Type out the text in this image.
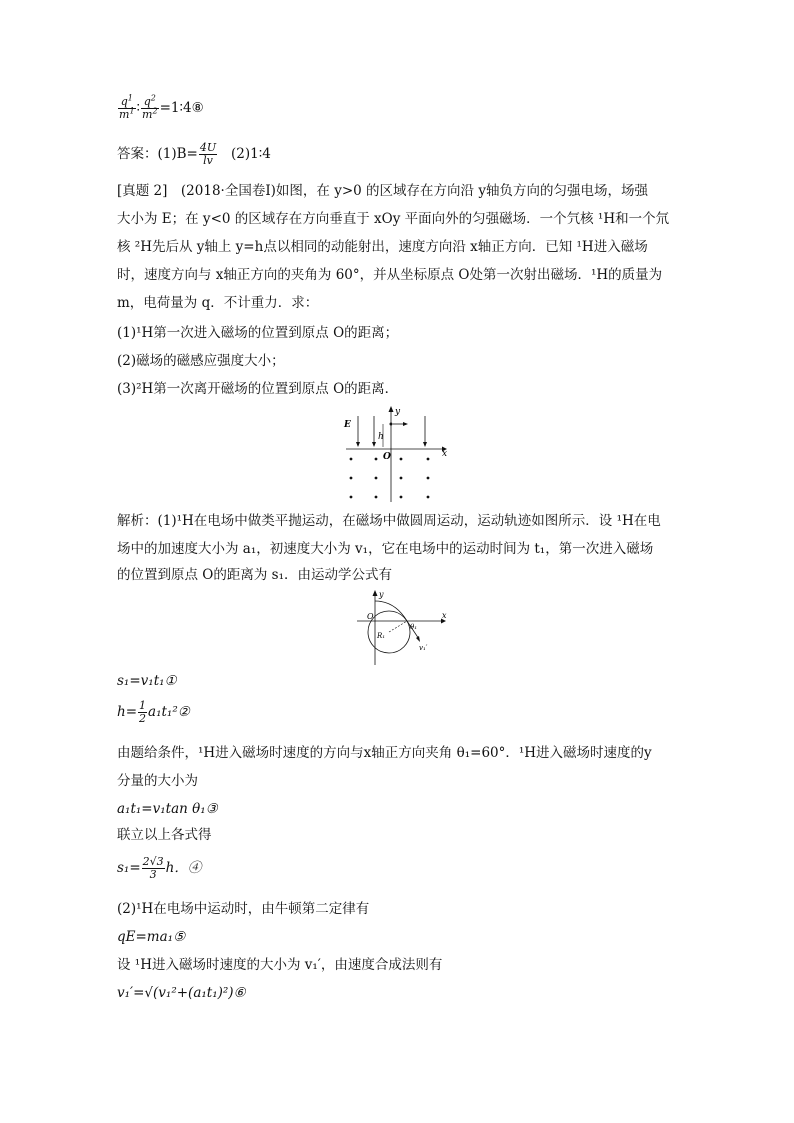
$\frac{q^1}{m^1}$ ∶ $\frac{q^2}{m^2}$ =1∶4⑧
答案：$(1)B= \frac{4U}{lv}$ (2)1∶4
[真题 2]　(2018·全国卷Ⅰ)如图，在 y>0 的区域存在方向沿 y轴负方向的匀强电场，场强
大小为 E；在 y<0 的区域存在方向垂直于 xOy 平面向外的匀强磁场．一个氕核 ¹H和一个氘
核 ²H先后从 y轴上 y=h点以相同的动能射出，速度方向沿 x轴正方向．已知 ¹H进入磁场
时，速度方向与 x轴正方向的夹角为 60°，并从坐标原点 O处第一次射出磁场．¹H的质量为
m，电荷量为 q．不计重力．求：
(1)¹H第一次进入磁场的位置到原点 O的距离；
(2)磁场的磁感应强度大小；
(3)²H第一次离开磁场的位置到原点 O的距离．
E
h
O	x
y
解析：(1)¹H在电场中做类平抛运动，在磁场中做圆周运动，运动轨迹如图所示．设 ¹H在电
场中的加速度大小为 a₁，初速度大小为 v₁，它在电场中的运动时间为 t₁，第一次进入磁场
的位置到原点 O的距离为 s₁．由运动学公式有
O	x
y
R₁
θ₁
v₁′
s₁=v₁t₁①
$h= \frac{1}{2}$ a₁t₁²②
由题给条件，¹H进入磁场时速度的方向与x轴正方向夹角 θ₁=60°．¹H进入磁场时速度的y
分量的大小为
a₁t₁=v₁tan θ₁③
联立以上各式得
$s_1= \frac{2√3}{3}$ h．④
(2)¹H在电场中运动时，由牛顿第二定律有
qE=ma₁⑤
设 ¹H进入磁场时速度的大小为 v₁′，由速度合成法则有
v₁′=√(v₁²+(a₁t₁)²)⑥
